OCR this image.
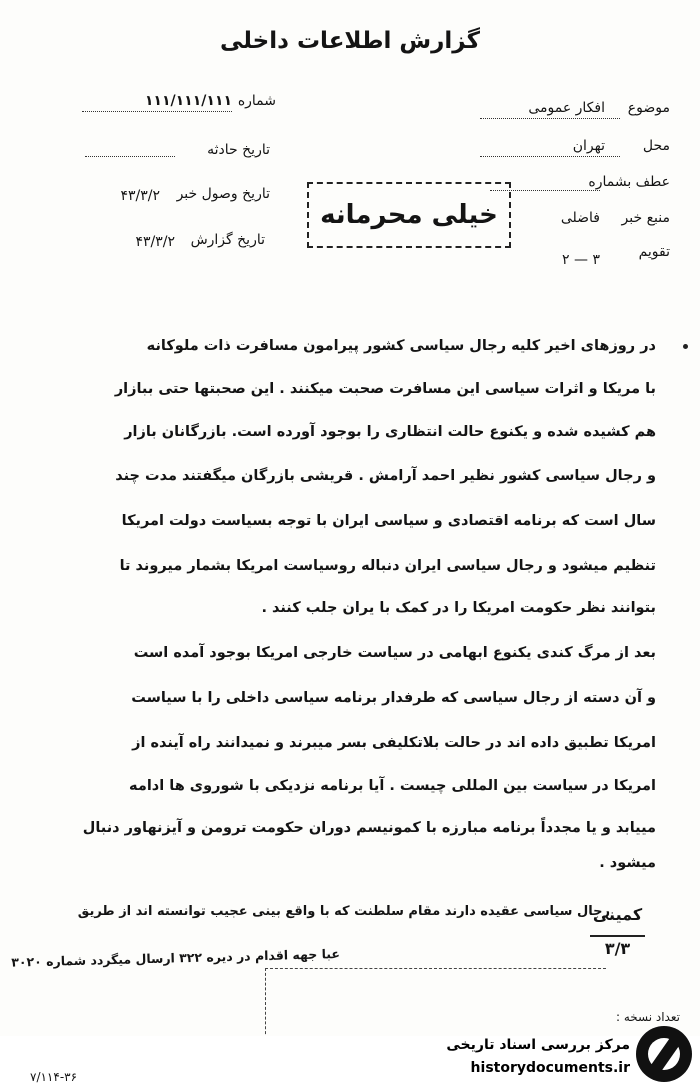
گزارش اطلاعات داخلی
موضوع
افکار عمومی
محل
تهران
عطف بشماره
منبع خبر
فاضلی
تقویم
۲ — ۳
شماره
۱۱۱/۱۱۱/۱۱۱
تاریخ حادثه
تاریخ وصول خبر
۴۳/۳/۲
تاریخ گزارش
۴۳/۳/۲
خیلی محرمانه
در روزهای اخیر کلیه رجال سیاسی کشور پیرامون مسافرت ذات ملوکانه
با مریکا و اثرات سیاسی این مسافرت صحبت میکنند . این صحبتها حتی ببازار
هم کشیده شده و یکنوع حالت انتظاری را بوجود آورده است. بازرگانان بازار
و رجال سیاسی کشور نظیر احمد آرامش . قریشی بازرگان میگفتند مدت چند
سال است که برنامه اقتصادی و سیاسی ایران با توجه بسیاست دولت امریکا
تنظیم میشود و رجال سیاسی ایران دنباله روسیاست امریکا بشمار میروند تا
بتوانند نظر حکومت امریکا را در کمک با یران جلب کنند .
بعد از مرگ کندی یکنوع ابهامی در سیاست خارجی امریکا بوجود آمده است
و آن دسته از رجال سیاسی که طرفدار برنامه سیاسی داخلی را با سیاست
امریکا تطبیق داده اند در حالت بلاتکلیفی بسر میبرند و نمیدانند راه آینده از
امریکا در سیاست بین المللی چیست . آیا برنامه نزدیکی با شوروی ها ادامه
مییابد و یا مجدداً برنامه مبارزه با کمونیسم دوران حکومت ترومن و آیزنهاور دنبال
میشود .
رجال سیاسی عقیده دارند مقام سلطنت که با واقع بینی عجیب توانسته اند از طریق
عبا جهه اقدام در دیره ۳۲۲ ارسال میگردد شماره ۳۰۲۰
کمینی
۳/۳
تعداد نسخه :
۷/۱۱۴-۳۶
مرکز بررسی اسناد تاریخی
historydocuments.ir
